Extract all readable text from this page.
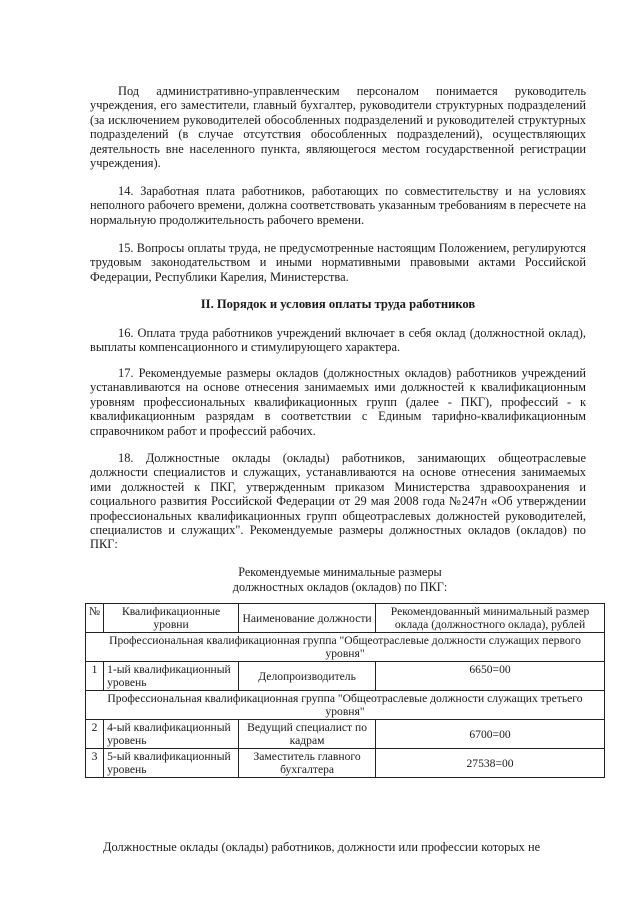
Под административно-управленческим персоналом понимается руководитель учреждения, его заместители, главный бухгалтер, руководители структурных подразделений (за исключением руководителей обособленных подразделений и руководителей структурных подразделений (в случае отсутствия обособленных подразделений), осуществляющих деятельность вне населенного пункта, являющегося местом государственной регистрации учреждения).

14. Заработная плата работников, работающих по совместительству и на условиях неполного рабочего времени, должна соответствовать указанным требованиям в пересчете на нормальную продолжительность рабочего времени.

15. Вопросы оплаты труда, не предусмотренные настоящим Положением, регулируются трудовым законодательством и иными нормативными правовыми актами Российской Федерации, Республики Карелия, Министерства.

II. Порядок и условия оплаты труда работников

16. Оплата труда работников учреждений включает в себя оклад (должностной оклад), выплаты компенсационного и стимулирующего характера.

17. Рекомендуемые размеры окладов (должностных окладов) работников учреждений устанавливаются на основе отнесения занимаемых ими должностей к квалификационным уровням профессиональных квалификационных групп (далее - ПКГ), профессий - к квалификационным разрядам в соответствии с Единым тарифно-квалификационным справочником работ и профессий рабочих.

18. Должностные оклады (оклады) работников, занимающих общеотраслевые должности специалистов и служащих, устанавливаются на основе отнесения занимаемых ими должностей к ПКГ, утвержденным приказом Министерства здравоохранения и социального развития Российской Федерации от 29 мая 2008 года №247н «Об утверждении профессиональных квалификационных групп общеотраслевых должностей руководителей, специалистов и служащих". Рекомендуемые размеры должностных окладов (окладов) по ПКГ:

Рекомендуемые минимальные размеры
должностных окладов (окладов) по ПКГ:
№	Квалификационные уровни	Наименование должности	Рекомендованный минимальный размер оклада (должностного оклада), рублей
Профессиональная квалификационная группа "Общеотраслевые должности служащих первого уровня"			
1	1-ый квалификационный уровень	Делопроизводитель	6650=00
Профессиональная квалификационная группа "Общеотраслевые должности служащих третьего уровня"			
2	4-ый квалификационный уровень	Ведущий специалист по кадрам	6700=00
3	5-ый квалификационный уровень	Заместитель главного бухгалтера	27538=00
Должностные оклады (оклады) работников, должности или профессии которых не
